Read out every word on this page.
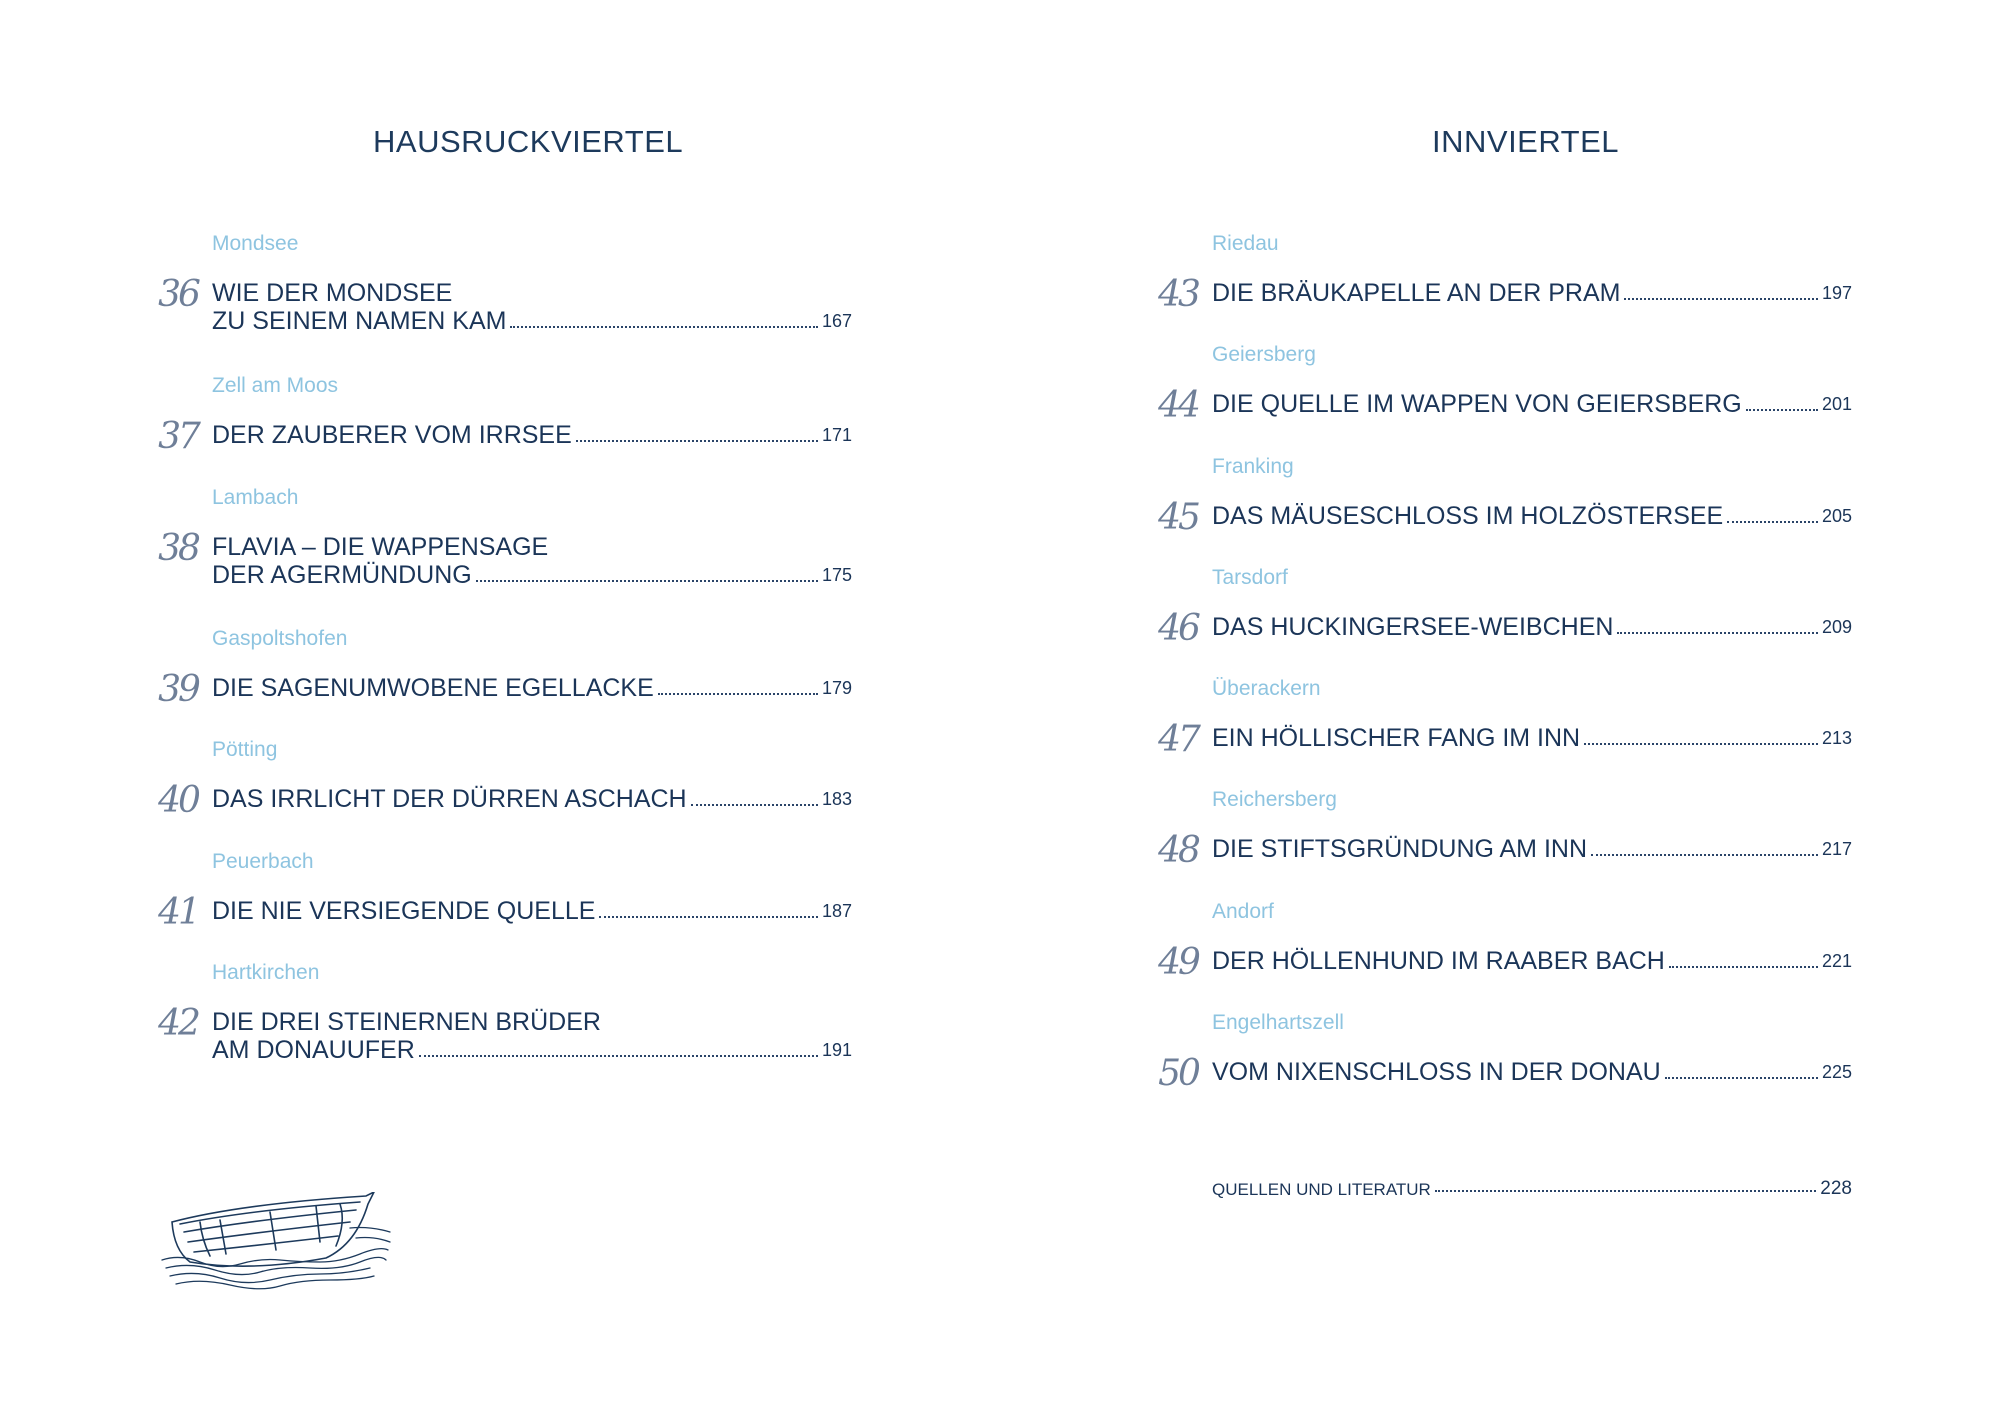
HAUSRUCKVIERTEL
Mondsee
36 WIE DER MONDSEE
ZU SEINEM NAMEN KAM	167
Zell am Moos
37 DER ZAUBERER VOM IRRSEE	171
Lambach
38 FLAVIA – DIE WAPPENSAGE
DER AGERMÜNDUNG	175
Gaspoltshofen
39 DIE SAGENUMWOBENE EGELLACKE	179
Pötting
40 DAS IRRLICHT DER DÜRREN ASCHACH	183
Peuerbach
41 DIE NIE VERSIEGENDE QUELLE	187
Hartkirchen
42 DIE DREI STEINERNEN BRÜDER
AM DONAUUFER	191
INNVIERTEL
Riedau
43 DIE BRÄUKAPELLE AN DER PRAM	197
Geiersberg
44 DIE QUELLE IM WAPPEN VON GEIERSBERG	201
Franking
45 DAS MÄUSESCHLOSS IM HOLZÖSTERSEE	205
Tarsdorf
46 DAS HUCKINGERSEE-WEIBCHEN	209
Überackern
47 EIN HÖLLISCHER FANG IM INN	213
Reichersberg
48 DIE STIFTSGRÜNDUNG AM INN	217
Andorf
49 DER HÖLLENHUND IM RAABER BACH	221
Engelhartszell
50 VOM NIXENSCHLOSS IN DER DONAU	225
QUELLEN UND LITERATUR	228
